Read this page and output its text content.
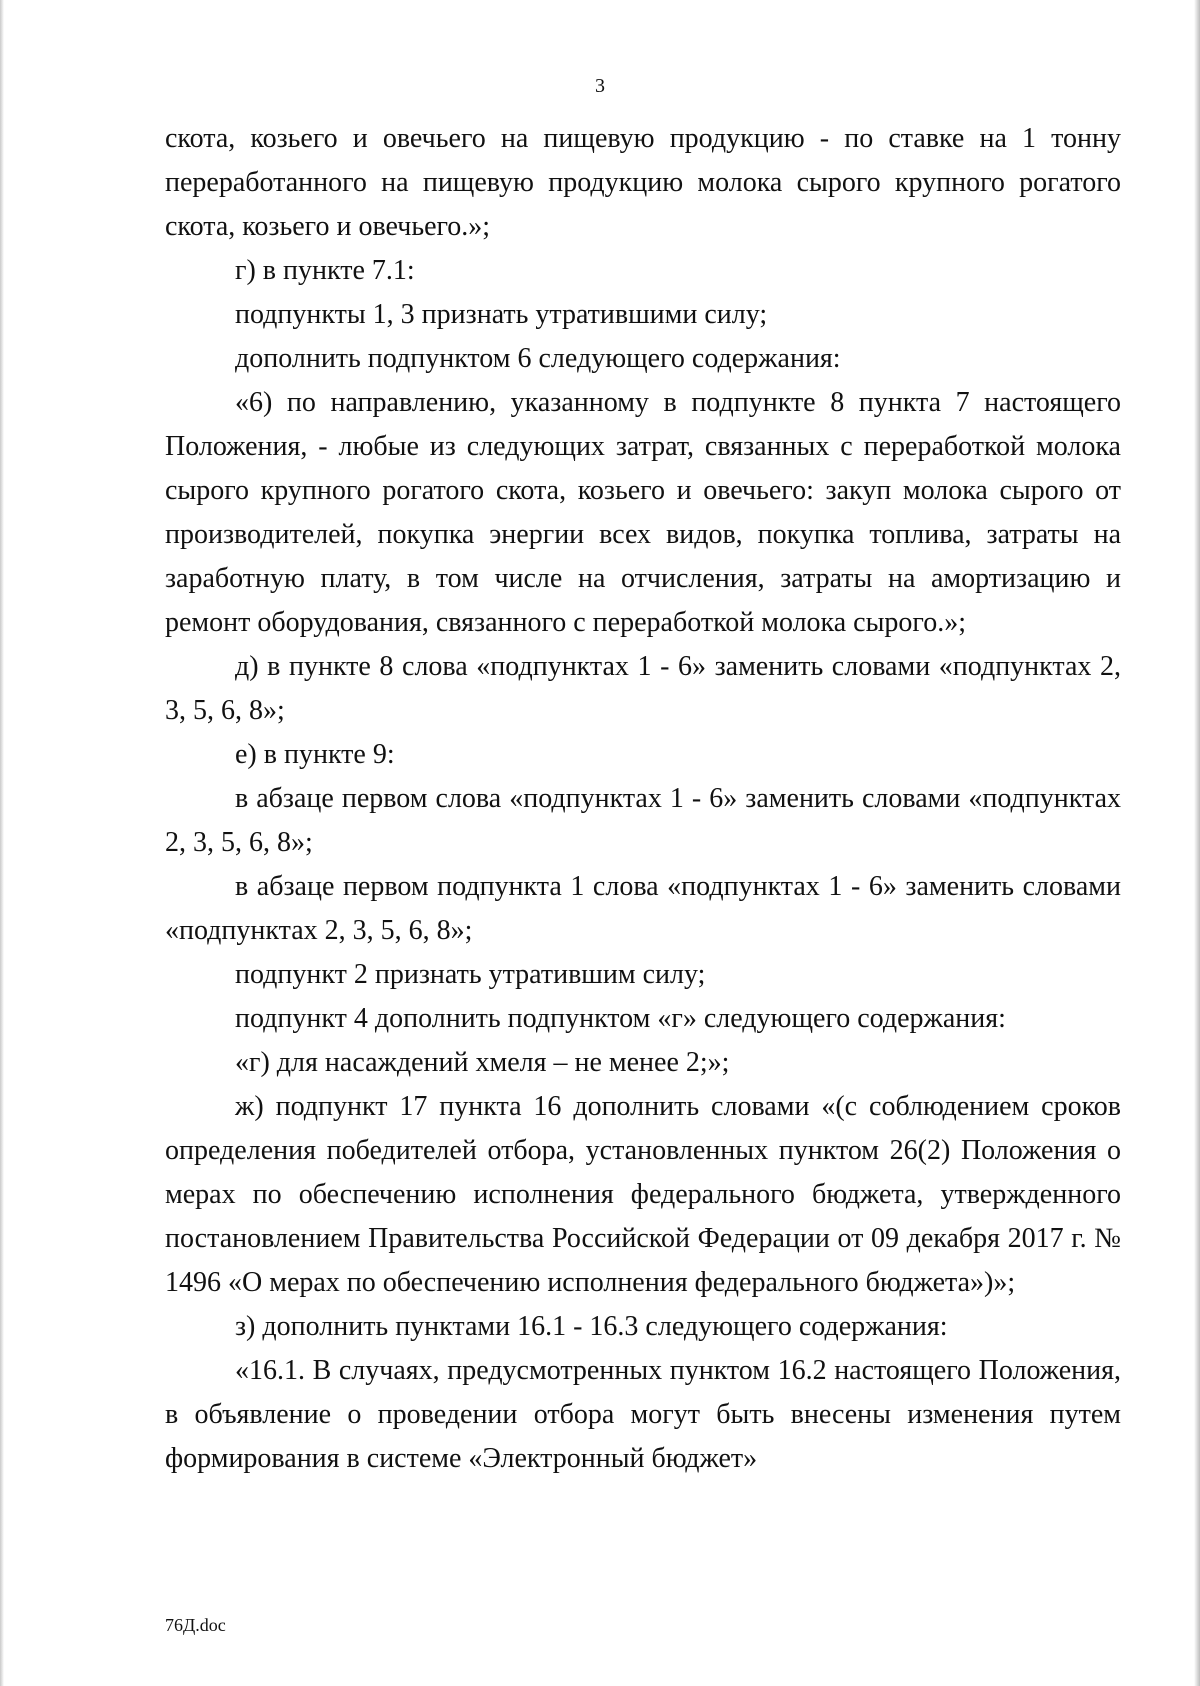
3

скота, козьего и овечьего на пищевую продукцию - по ставке на 1 тонну переработанного на пищевую продукцию молока сырого крупного рогатого скота, козьего и овечьего.»;

г) в пункте 7.1:

подпункты 1, 3 признать утратившими силу;

дополнить подпунктом 6 следующего содержания:

«6) по направлению, указанному в подпункте 8 пункта 7 настоящего Положения, - любые из следующих затрат, связанных с переработкой молока сырого крупного рогатого скота, козьего и овечьего: закуп молока сырого от производителей, покупка энергии всех видов, покупка топлива, затраты на заработную плату, в том числе на отчисления, затраты на амортизацию и ремонт оборудования, связанного с переработкой молока сырого.»;

д) в пункте 8 слова «подпунктах 1 - 6» заменить словами «подпунктах 2, 3, 5, 6, 8»;

е) в пункте 9:

в абзаце первом слова «подпунктах 1 - 6» заменить словами «подпунктах 2, 3, 5, 6, 8»;

в абзаце первом подпункта 1 слова «подпунктах 1 - 6» заменить словами «подпунктах 2, 3, 5, 6, 8»;

подпункт 2 признать утратившим силу;

подпункт 4 дополнить подпунктом «г» следующего содержания:

«г) для насаждений хмеля – не менее 2;»;

ж) подпункт 17 пункта 16 дополнить словами «(с соблюдением сроков определения победителей отбора, установленных пунктом 26(2) Положения о мерах по обеспечению исполнения федерального бюджета, утвержденного постановлением Правительства Российской Федерации от 09 декабря 2017 г. № 1496 «О мерах по обеспечению исполнения федерального бюджета»)»;

з) дополнить пунктами 16.1 - 16.3 следующего содержания:

«16.1. В случаях, предусмотренных пунктом 16.2 настоящего Положения, в объявление о проведении отбора могут быть внесены изменения путем формирования в системе «Электронный бюджет»

76Д.doc
